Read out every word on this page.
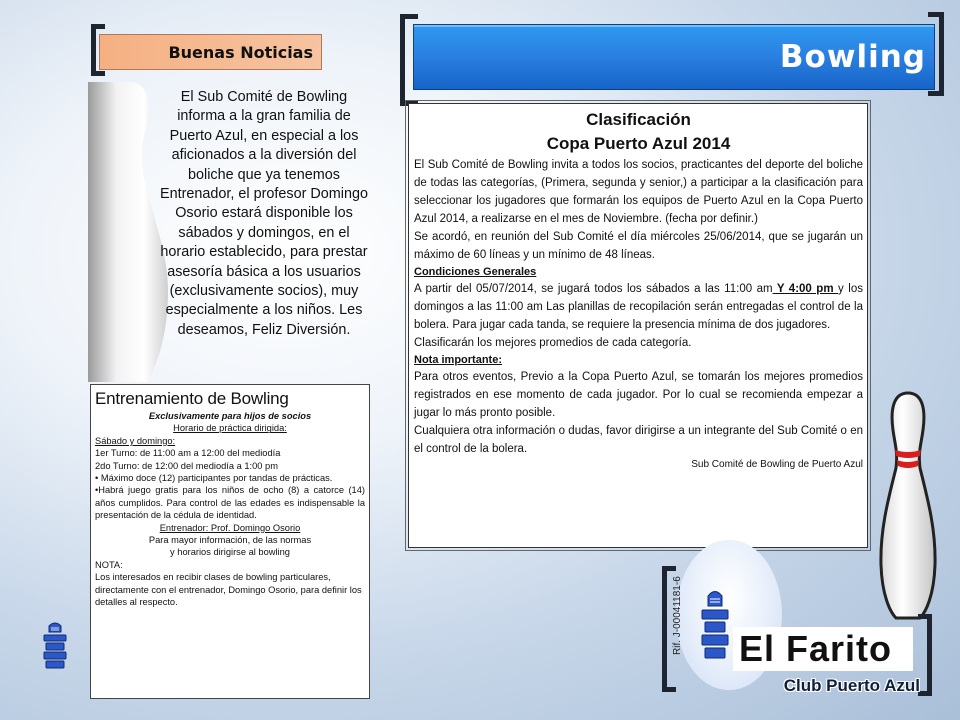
Buenas Noticias
El Sub Comité de Bowling informa a la gran familia de Puerto Azul, en especial a los aficionados a la diversión del boliche que ya tenemos Entrenador, el profesor Domingo Osorio estará disponible los sábados y domingos, en el horario establecido, para prestar asesoría básica a los usuarios (exclusivamente socios), muy especialmente a los niños. Les deseamos, Feliz Diversión.
Entrenamiento de Bowling

Exclusivamente para hijos de socios

Horario de práctica dirigida:

Sábado y domingo:

1er Turno: de 11:00 am a 12:00 del mediodía

2do Turno: de 12:00 del mediodía a 1:00 pm

• Máximo doce (12) participantes por tandas de prácticas.

•Habrá juego gratis para los niños de ocho (8) a catorce (14) años cumplidos. Para control de las edades es indispensable la presentación de la cédula de identidad.

Entrenador: Prof. Domingo Osorio

Para mayor información, de las normas

y horarios dirigirse al bowling

NOTA:

Los interesados en recibir clases de bowling particulares, directamente con el entrenador, Domingo Osorio, para definir los detalles al respecto.

Bowling
Clasificación
Copa Puerto Azul 2014

El Sub Comité de Bowling invita a todos los socios, practicantes del deporte del boliche de todas las categorías, (Primera, segunda y senior,) a participar a la clasificación para seleccionar los jugadores que formarán los equipos de Puerto Azul en la Copa Puerto Azul 2014, a realizarse en el mes de Noviembre. (fecha por definir.)

Se acordó, en reunión del Sub Comité el día miércoles 25/06/2014, que se jugarán un máximo de 60 líneas y un mínimo de 48 líneas.

Condiciones Generales

A partir del 05/07/2014, se jugará todos los sábados a las 11:00 am Y 4:00 pm y los domingos a las 11:00 am Las planillas de recopilación serán entregadas el control de la bolera. Para jugar cada tanda, se requiere la presencia mínima de dos jugadores.

Clasificarán los mejores promedios de cada categoría.

Nota importante:

Para otros eventos, Previo a la Copa Puerto Azul, se tomarán los mejores promedios registrados en ese momento de cada jugador. Por lo cual se recomienda empezar a jugar lo más pronto posible.

Cualquiera otra información o dudas, favor dirigirse a un integrante del Sub Comité o en el control de la bolera.

Sub Comité de Bowling de Puerto Azul

Rif. J-00041181-6 El Farito
Club Puerto Azul
